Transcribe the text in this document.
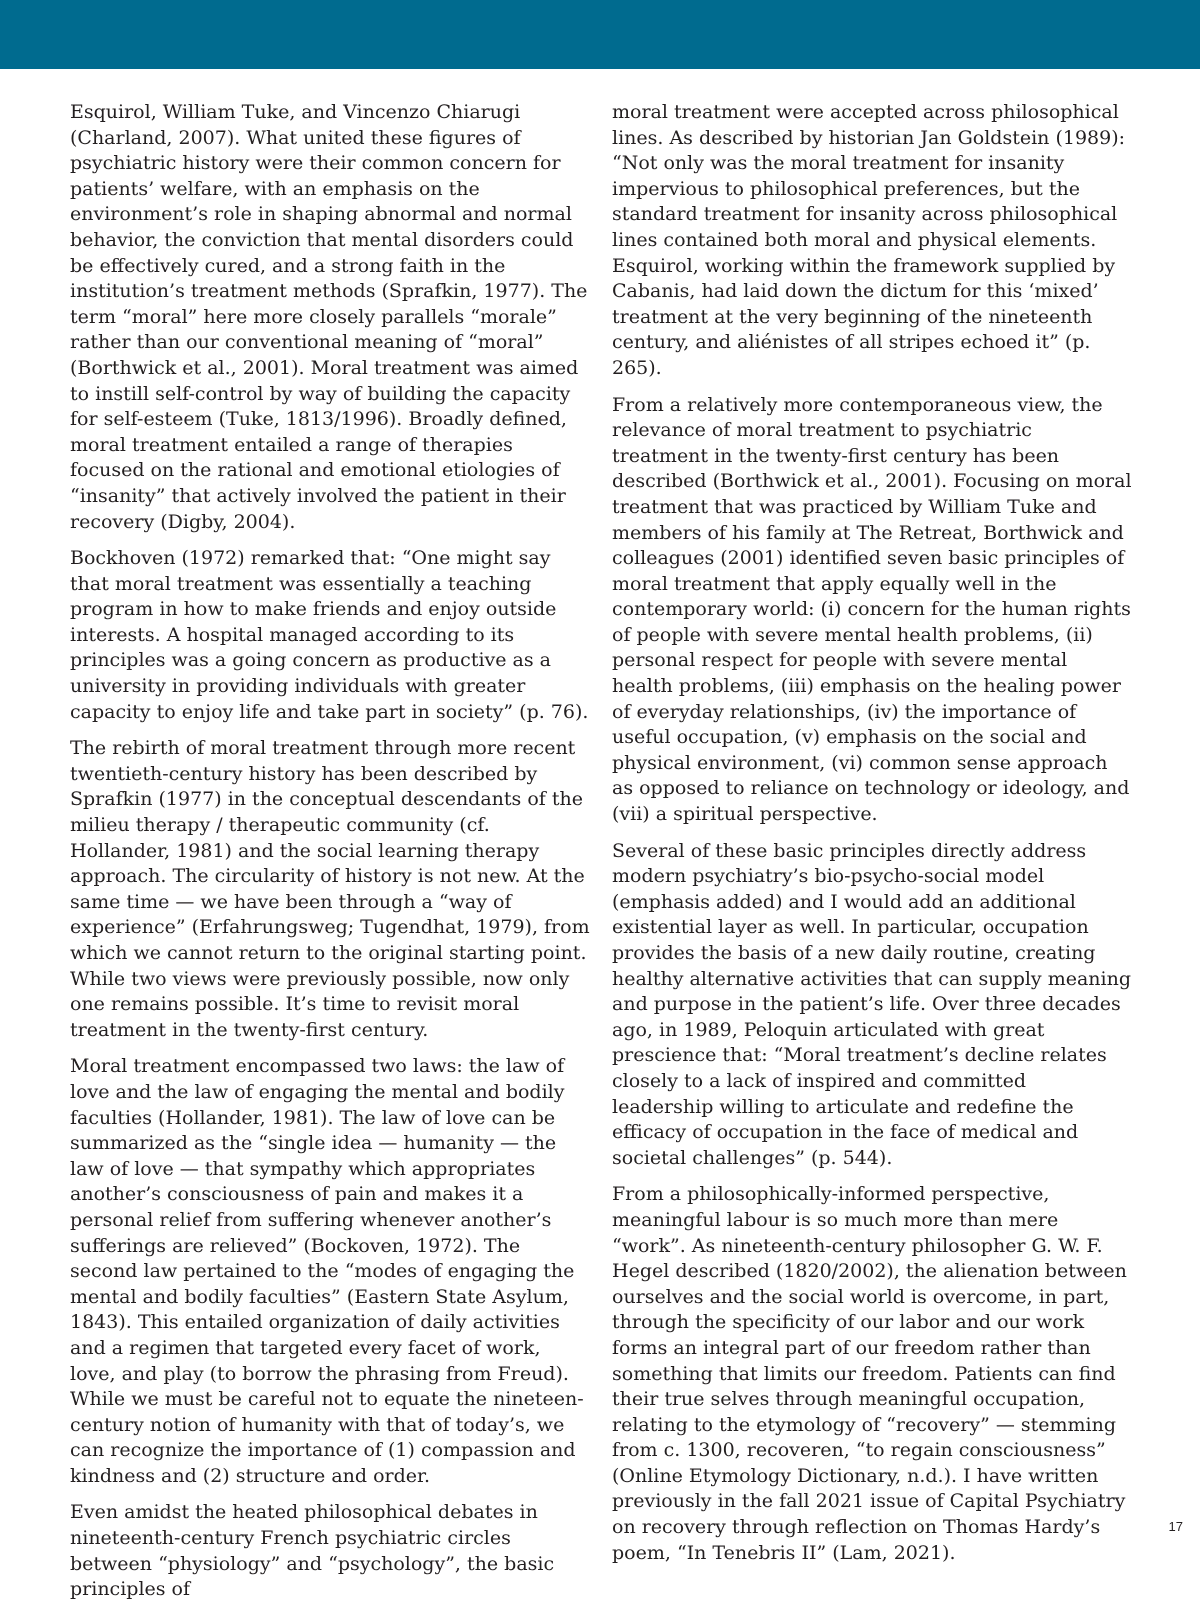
Esquirol, William Tuke, and Vincenzo Chiarugi (Charland, 2007). What united these figures of psychiatric history were their common concern for patients’ welfare, with an emphasis on the environment’s role in shaping abnormal and normal behavior, the conviction that mental disorders could be effectively cured, and a strong faith in the institution’s treatment methods (Sprafkin, 1977). The term “moral” here more closely parallels “morale” rather than our conventional meaning of “moral” (Borthwick et al., 2001). Moral treatment was aimed to instill self-control by way of building the capacity for self-esteem (Tuke, 1813/1996). Broadly defined, moral treatment entailed a range of therapies focused on the rational and emotional etiologies of “insanity” that actively involved the patient in their recovery (Digby, 2004).

Bockhoven (1972) remarked that: “One might say that moral treatment was essentially a teaching program in how to make friends and enjoy outside interests. A hospital managed according to its principles was a going concern as productive as a university in providing individuals with greater capacity to enjoy life and take part in society” (p. 76).

The rebirth of moral treatment through more recent twentieth-century history has been described by Sprafkin (1977) in the conceptual descendants of the milieu therapy / therapeutic community (cf. Hollander, 1981) and the social learning therapy approach. The circularity of history is not new. At the same time — we have been through a “way of experience” (Erfahrungsweg; Tugendhat, 1979), from which we cannot return to the original starting point. While two views were previously possible, now only one remains possible. It’s time to revisit moral treatment in the twenty-first century.

Moral treatment encompassed two laws: the law of love and the law of engaging the mental and bodily faculties (Hollander, 1981). The law of love can be summarized as the “single idea — humanity — the law of love — that sympathy which appropriates another’s consciousness of pain and makes it a personal relief from suffering whenever another’s sufferings are relieved” (Bockoven, 1972). The second law pertained to the “modes of engaging the mental and bodily faculties” (Eastern State Asylum, 1843). This entailed organization of daily activities and a regimen that targeted every facet of work, love, and play (to borrow the phrasing from Freud). While we must be careful not to equate the nineteen-century notion of humanity with that of today’s, we can recognize the importance of (1) compassion and kindness and (2) structure and order.

Even amidst the heated philosophical debates in nineteenth-century French psychiatric circles between “physiology” and “psychology”, the basic principles of

moral treatment were accepted across philosophical lines. As described by historian Jan Goldstein (1989): “Not only was the moral treatment for insanity impervious to philosophical preferences, but the standard treatment for insanity across philosophical lines contained both moral and physical elements. Esquirol, working within the framework supplied by Cabanis, had laid down the dictum for this ‘mixed’ treatment at the very beginning of the nineteenth century, and aliénistes of all stripes echoed it” (p. 265).

From a relatively more contemporaneous view, the relevance of moral treatment to psychiatric treatment in the twenty-first century has been described (Borthwick et al., 2001). Focusing on moral treatment that was practiced by William Tuke and members of his family at The Retreat, Borthwick and colleagues (2001) identified seven basic principles of moral treatment that apply equally well in the contemporary world: (i) concern for the human rights of people with severe mental health problems, (ii) personal respect for people with severe mental health problems, (iii) emphasis on the healing power of everyday relationships, (iv) the importance of useful occupation, (v) emphasis on the social and physical environment, (vi) common sense approach as opposed to reliance on technology or ideology, and (vii) a spiritual perspective.

Several of these basic principles directly address modern psychiatry’s bio-psycho-social model (emphasis added) and I would add an additional existential layer as well. In particular, occupation provides the basis of a new daily routine, creating healthy alternative activities that can supply meaning and purpose in the patient’s life. Over three decades ago, in 1989, Peloquin articulated with great prescience that: “Moral treatment’s decline relates closely to a lack of inspired and committed leadership willing to articulate and redefine the efficacy of occupation in the face of medical and societal challenges” (p. 544).

From a philosophically-informed perspective, meaningful labour is so much more than mere “work”. As nineteenth-century philosopher G. W. F. Hegel described (1820/2002), the alienation between ourselves and the social world is overcome, in part, through the specificity of our labor and our work forms an integral part of our freedom rather than something that limits our freedom. Patients can find their true selves through meaningful occupation, relating to the etymology of “recovery” — stemming from c. 1300, recoveren, “to regain consciousness” (Online Etymology Dictionary, n.d.). I have written previously in the fall 2021 issue of Capital Psychiatry on recovery through reflection on Thomas Hardy’s poem, “In Tenebris II” (Lam, 2021).

17
